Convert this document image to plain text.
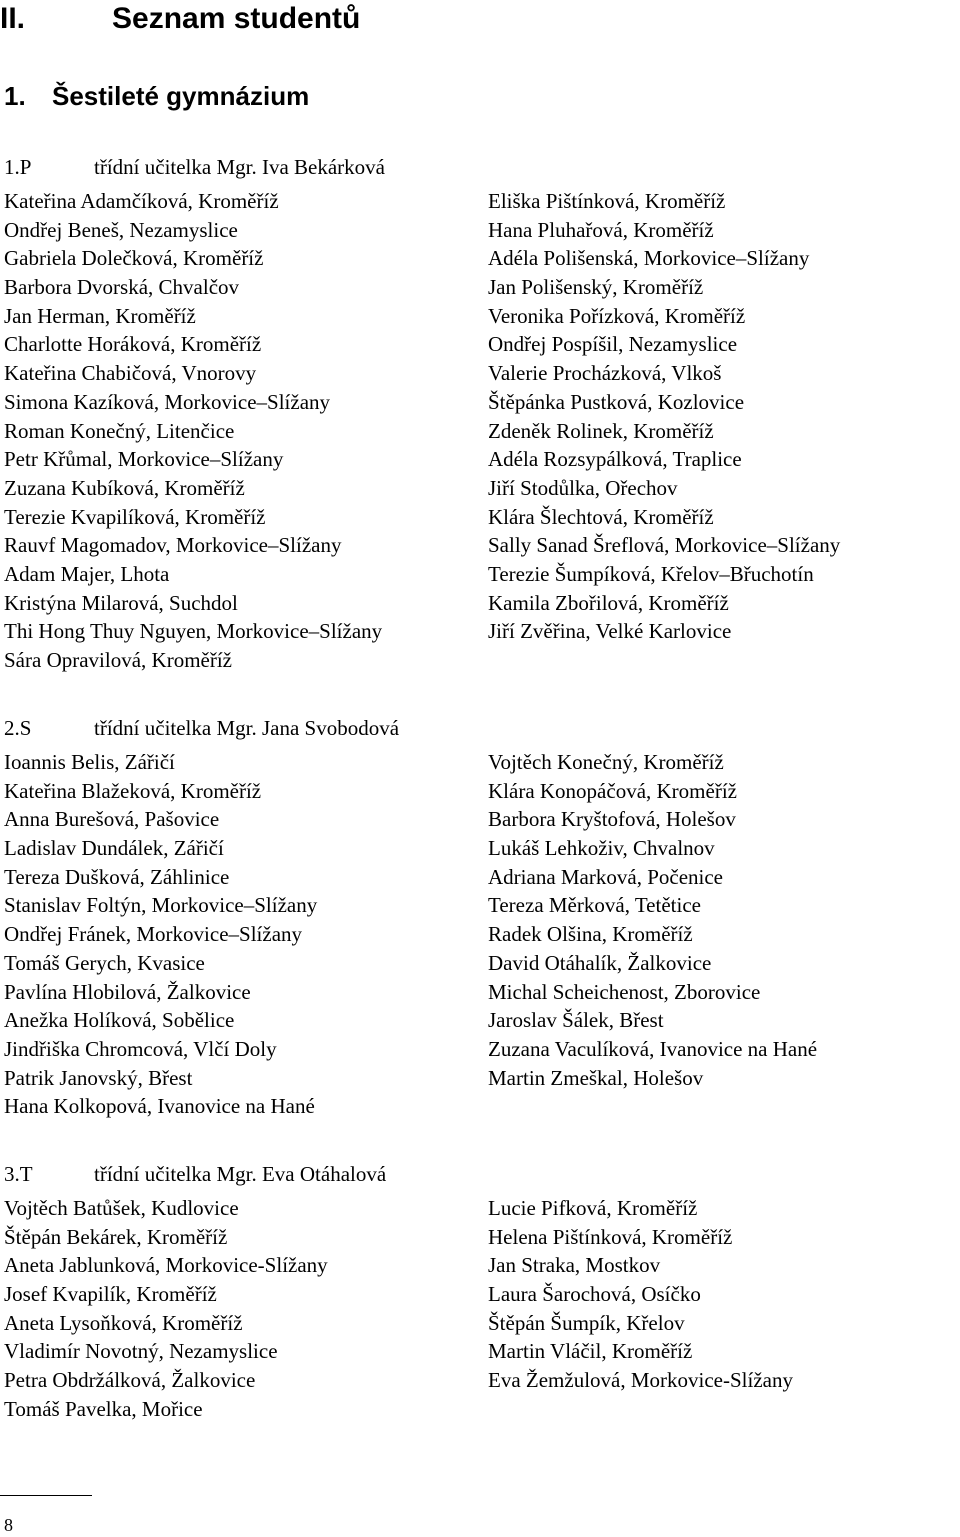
II.	Seznam studentů
1. Šestileté gymnázium
1.P	třídní učitelka Mgr. Iva Bekárková
Kateřina Adamčíková, Kroměříž
Ondřej Beneš, Nezamyslice
Gabriela Dolečková, Kroměříž
Barbora Dvorská, Chvalčov
Jan Herman, Kroměříž
Charlotte Horáková, Kroměříž
Kateřina Chabičová, Vnorovy
Simona Kazíková, Morkovice–Slížany
Roman Konečný, Litenčice
Petr Křůmal, Morkovice–Slížany
Zuzana Kubíková, Kroměříž
Terezie Kvapilíková, Kroměříž
Rauvf Magomadov, Morkovice–Slížany
Adam Majer, Lhota
Kristýna Milarová, Suchdol
Thi Hong Thuy Nguyen, Morkovice–Slížany
Sára Opravilová, Kroměříž
Eliška Pištínková, Kroměříž
Hana Pluhařová, Kroměříž
Adéla Polišenská, Morkovice–Slížany
Jan Polišenský, Kroměříž
Veronika Pořízková, Kroměříž
Ondřej Pospíšil, Nezamyslice
Valerie Procházková, Vlkoš
Štěpánka Pustková, Kozlovice
Zdeněk Rolinek, Kroměříž
Adéla Rozsypálková, Traplice
Jiří Stodůlka, Ořechov
Klára Šlechtová, Kroměříž
Sally Sanad Šreflová, Morkovice–Slížany
Terezie Šumpíková, Křelov–Břuchotín
Kamila Zbořilová, Kroměříž
Jiří Zvěřina, Velké Karlovice
2.S	třídní učitelka Mgr. Jana Svobodová
Ioannis Belis, Zářičí
Kateřina Blažeková, Kroměříž
Anna Burešová, Pašovice
Ladislav Dundálek, Zářičí
Tereza Dušková, Záhlinice
Stanislav Foltýn, Morkovice–Slížany
Ondřej Fránek, Morkovice–Slížany
Tomáš Gerych, Kvasice
Pavlína Hlobilová, Žalkovice
Anežka Holíková, Sobělice
Jindřiška Chromcová, Vlčí Doly
Patrik Janovský, Břest
Hana Kolkopová, Ivanovice na Hané
Vojtěch Konečný, Kroměříž
Klára Konopáčová, Kroměříž
Barbora Kryštofová, Holešov
Lukáš Lehkoživ, Chvalnov
Adriana Marková, Počenice
Tereza Měrková, Tetětice
Radek Olšina, Kroměříž
David Otáhalík, Žalkovice
Michal Scheichenost, Zborovice
Jaroslav Šálek, Břest
Zuzana Vaculíková, Ivanovice na Hané
Martin Zmeškal, Holešov
3.T	třídní učitelka Mgr. Eva Otáhalová
Vojtěch Batůšek, Kudlovice
Štěpán Bekárek, Kroměříž
Aneta Jablunková, Morkovice-Slížany
Josef Kvapilík, Kroměříž
Aneta Lysoňková, Kroměříž
Vladimír Novotný, Nezamyslice
Petra Obdržálková, Žalkovice
Tomáš Pavelka, Mořice
Lucie Pifková, Kroměříž
Helena Pištínková, Kroměříž
Jan Straka, Mostkov
Laura Šarochová, Osíčko
Štěpán Šumpík, Křelov
Martin Vláčil, Kroměříž
Eva Žemžulová, Morkovice-Slížany
8
